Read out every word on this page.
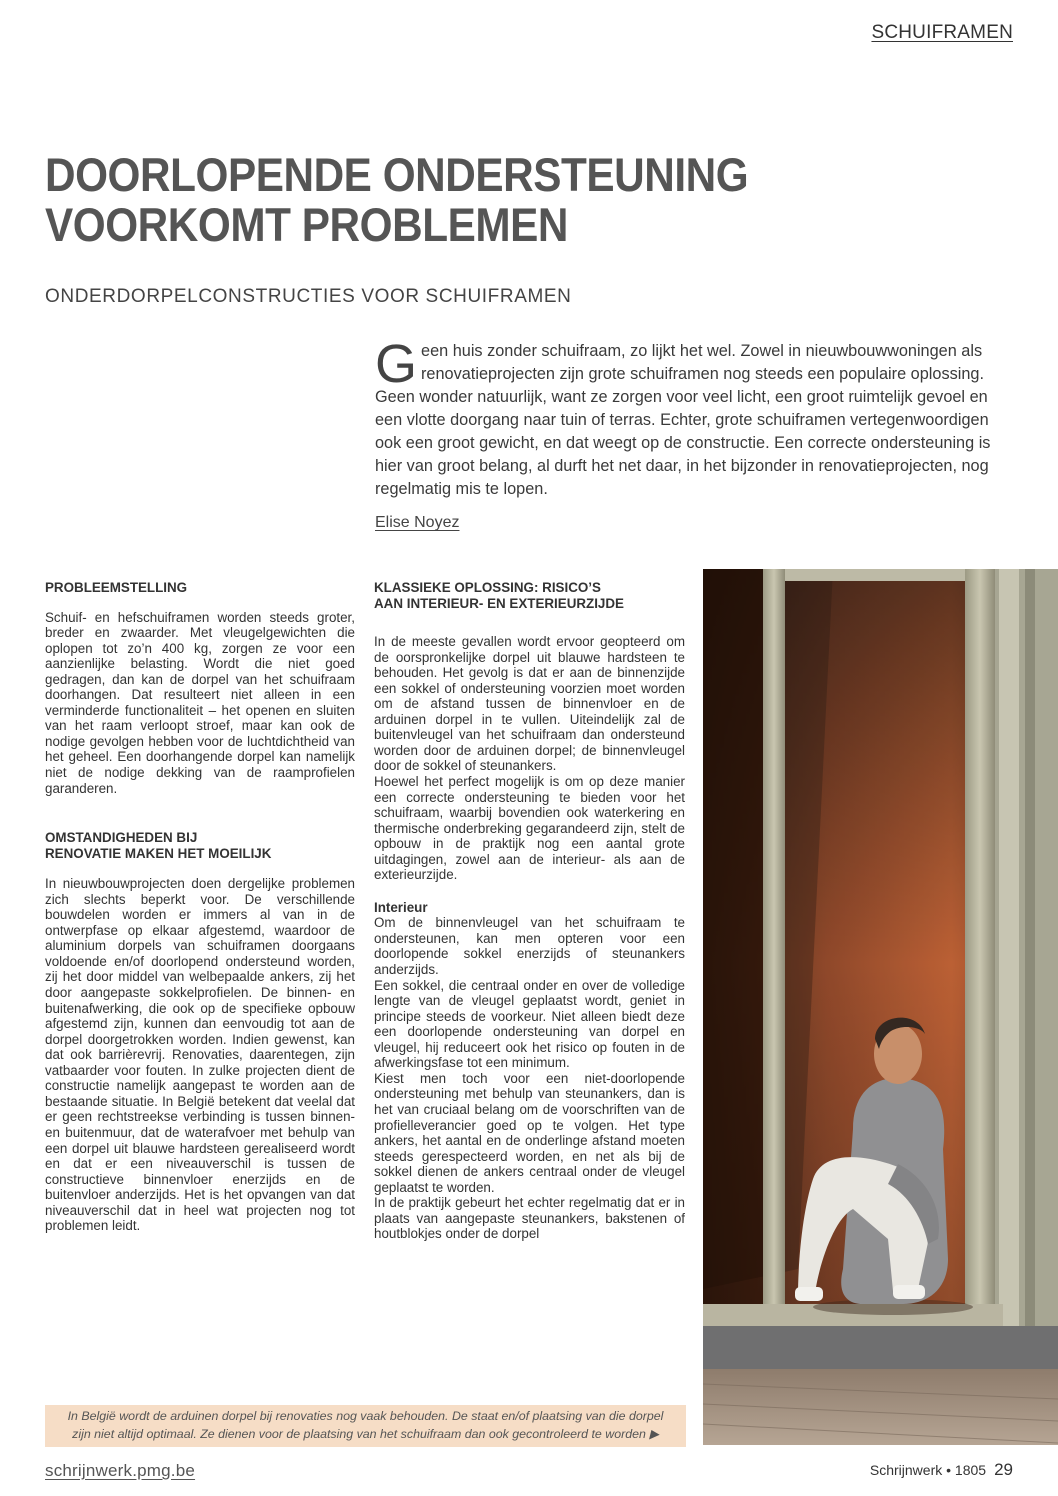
SCHUIFRAMEN
DOORLOPENDE ONDERSTEUNING
VOORKOMT PROBLEMEN
ONDERDORPELCONSTRUCTIES VOOR SCHUIFRAMEN
Geen huis zonder schuifraam, zo lijkt het wel. Zowel in nieuwbouwwoningen als renovatieprojecten zijn grote schuiframen nog steeds een populaire oplossing. Geen wonder natuurlijk, want ze zorgen voor veel licht, een groot ruimtelijk gevoel en een vlotte doorgang naar tuin of terras. Echter, grote schuiframen vertegenwoordigen ook een groot gewicht, en dat weegt op de constructie. Een correcte ondersteuning is hier van groot belang, al durft het net daar, in het bijzonder in renovatieprojecten, nog regelmatig mis te lopen.
Elise Noyez
PROBLEEMSTELLING

Schuif- en hefschuiframen worden steeds groter, breder en zwaarder. Met vleugelgewichten die oplopen tot zo’n 400 kg, zorgen ze voor een aanzienlijke belasting. Wordt die niet goed gedragen, dan kan de dorpel van het schuifraam doorhangen. Dat resulteert niet alleen in een verminderde functionaliteit – het openen en sluiten van het raam verloopt stroef, maar kan ook de nodige gevolgen hebben voor de luchtdichtheid van het geheel. Een doorhangende dorpel kan namelijk niet de nodige dekking van de raamprofielen garanderen.

OMSTANDIGHEDEN BIJ
RENOVATIE MAKEN HET MOEILIJK

In nieuwbouwprojecten doen dergelijke problemen zich slechts beperkt voor. De verschillende bouwdelen worden er immers al van in de ontwerpfase op elkaar afgestemd, waardoor de aluminium dorpels van schuiframen doorgaans voldoende en/of doorlopend ondersteund worden, zij het door middel van welbepaalde ankers, zij het door aangepaste sokkelprofielen. De binnen- en buitenafwerking, die ook op de specifieke opbouw afgestemd zijn, kunnen dan eenvoudig tot aan de dorpel doorgetrokken worden. Indien gewenst, kan dat ook barrièrevrij. Renovaties, daarentegen, zijn vatbaarder voor fouten. In zulke projecten dient de constructie namelijk aangepast te worden aan de bestaande situatie. In België betekent dat veelal dat er geen rechtstreekse verbinding is tussen binnen- en buitenmuur, dat de waterafvoer met behulp van een dorpel uit blauwe hardsteen gerealiseerd wordt en dat er een niveauverschil is tussen de constructieve binnenvloer enerzijds en de buitenvloer anderzijds. Het is het opvangen van dat niveauverschil dat in heel wat projecten nog tot problemen leidt.

KLASSIEKE OPLOSSING: RISICO’S
AAN INTERIEUR- EN EXTERIEURZIJDE

In de meeste gevallen wordt ervoor geopteerd om de oorspronkelijke dorpel uit blauwe hardsteen te behouden. Het gevolg is dat er aan de binnenzijde een sokkel of ondersteuning voorzien moet worden om de afstand tussen de binnenvloer en de arduinen dorpel in te vullen. Uiteindelijk zal de buitenvleugel van het schuifraam dan ondersteund worden door de arduinen dorpel; de binnenvleugel door de sokkel of steunankers.

Hoewel het perfect mogelijk is om op deze manier een correcte ondersteuning te bieden voor het schuifraam, waarbij bovendien ook waterkering en thermische onderbreking gegarandeerd zijn, stelt de opbouw in de praktijk nog een aantal grote uitdagingen, zowel aan de interieur- als aan de exterieurzijde.

Interieur

Om de binnenvleugel van het schuifraam te ondersteunen, kan men opteren voor een doorlopende sokkel enerzijds of steunankers anderzijds.

Een sokkel, die centraal onder en over de volledige lengte van de vleugel geplaatst wordt, geniet in principe steeds de voorkeur. Niet alleen biedt deze een doorlopende ondersteuning van dorpel en vleugel, hij reduceert ook het risico op fouten in de afwerkingsfase tot een minimum.

Kiest men toch voor een niet-doorlopende ondersteuning met behulp van steunankers, dan is het van cruciaal belang om de voorschriften van de profielleverancier goed op te volgen. Het type ankers, het aantal en de onderlinge afstand moeten steeds gerespecteerd worden, en net als bij de sokkel dienen de ankers centraal onder de vleugel geplaatst te worden.

In de praktijk gebeurt het echter regelmatig dat er in plaats van aangepaste steunankers, bakstenen of houtblokjes onder de dorpel

In België wordt de arduinen dorpel bij renovaties nog vaak behouden. De staat en/of plaatsing van die dorpel
zijn niet altijd optimaal. Ze dienen voor de plaatsing van het schuifraam dan ook gecontroleerd te worden ▶
schrijnwerk.pmg.be	Schrijnwerk • 1805 29
